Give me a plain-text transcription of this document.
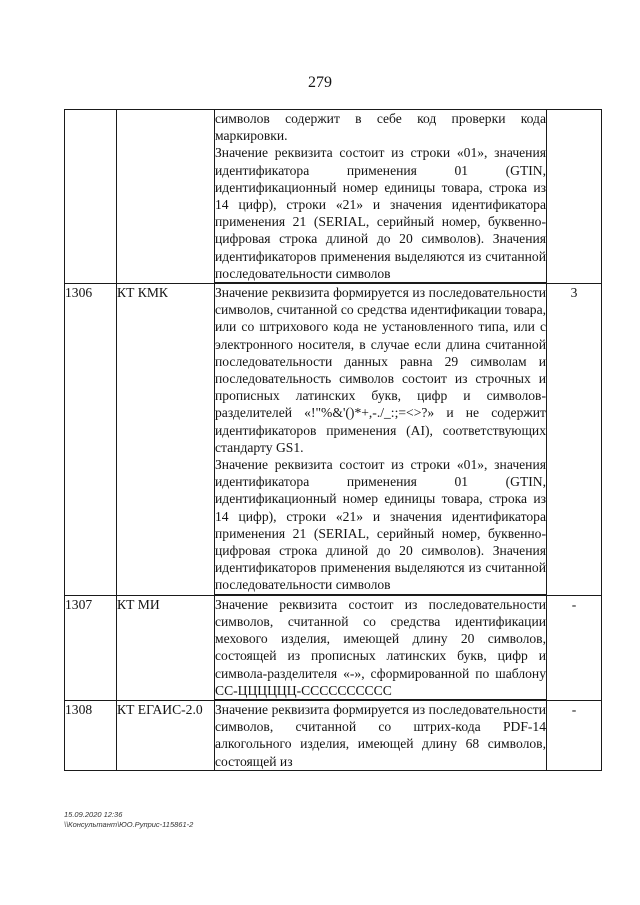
279

		символов содержит в себе код проверки кода маркировки.
Значение реквизита состоит из строки «01», значения идентификатора применения 01 (GTIN, идентификационный номер единицы товара, строка из 14 цифр), строки «21» и значения идентификатора применения 21 (SERIAL, серийный номер, буквенно-цифровая строка длиной до 20 символов). Значения идентификаторов применения выделяются из считанной последовательности символов	

1306	КТ КМК	Значение реквизита формируется из последовательности символов, считанной со средства идентификации товара, или со штрихового кода не установленного типа, или с электронного носителя, в случае если длина считанной последовательности данных равна 29 символам и последовательность символов состоит из строчных и прописных латинских букв, цифр и символов-разделителей «!"%&'()*+,-./_:;=<>?» и не содержит идентификаторов применения (AI), соответствующих стандарту GS1.
Значение реквизита состоит из строки «01», значения идентификатора применения 01 (GTIN, идентификационный номер единицы товара, строка из 14 цифр), строки «21» и значения идентификатора применения 21 (SERIAL, серийный номер, буквенно-цифровая строка длиной до 20 символов). Значения идентификаторов применения выделяются из считанной последовательности символов	3
1307	КТ МИ	Значение реквизита состоит из последовательности символов, считанной со средства идентификации мехового изделия, имеющей длину 20 символов, состоящей из прописных латинских букв, цифр и символа-разделителя «-», сформированной по шаблону СС-ЦЦЦЦЦЦ-СССССССССС	-
1308	КТ ЕГАИС-2.0	Значение реквизита формируется из последовательности символов, считанной со штрих-кода PDF-14 алкогольного изделия, имеющей длину 68 символов, состоящей из	-
15.09.2020 12:36
\\Консультант\ЮО.Руприс-115861-2
